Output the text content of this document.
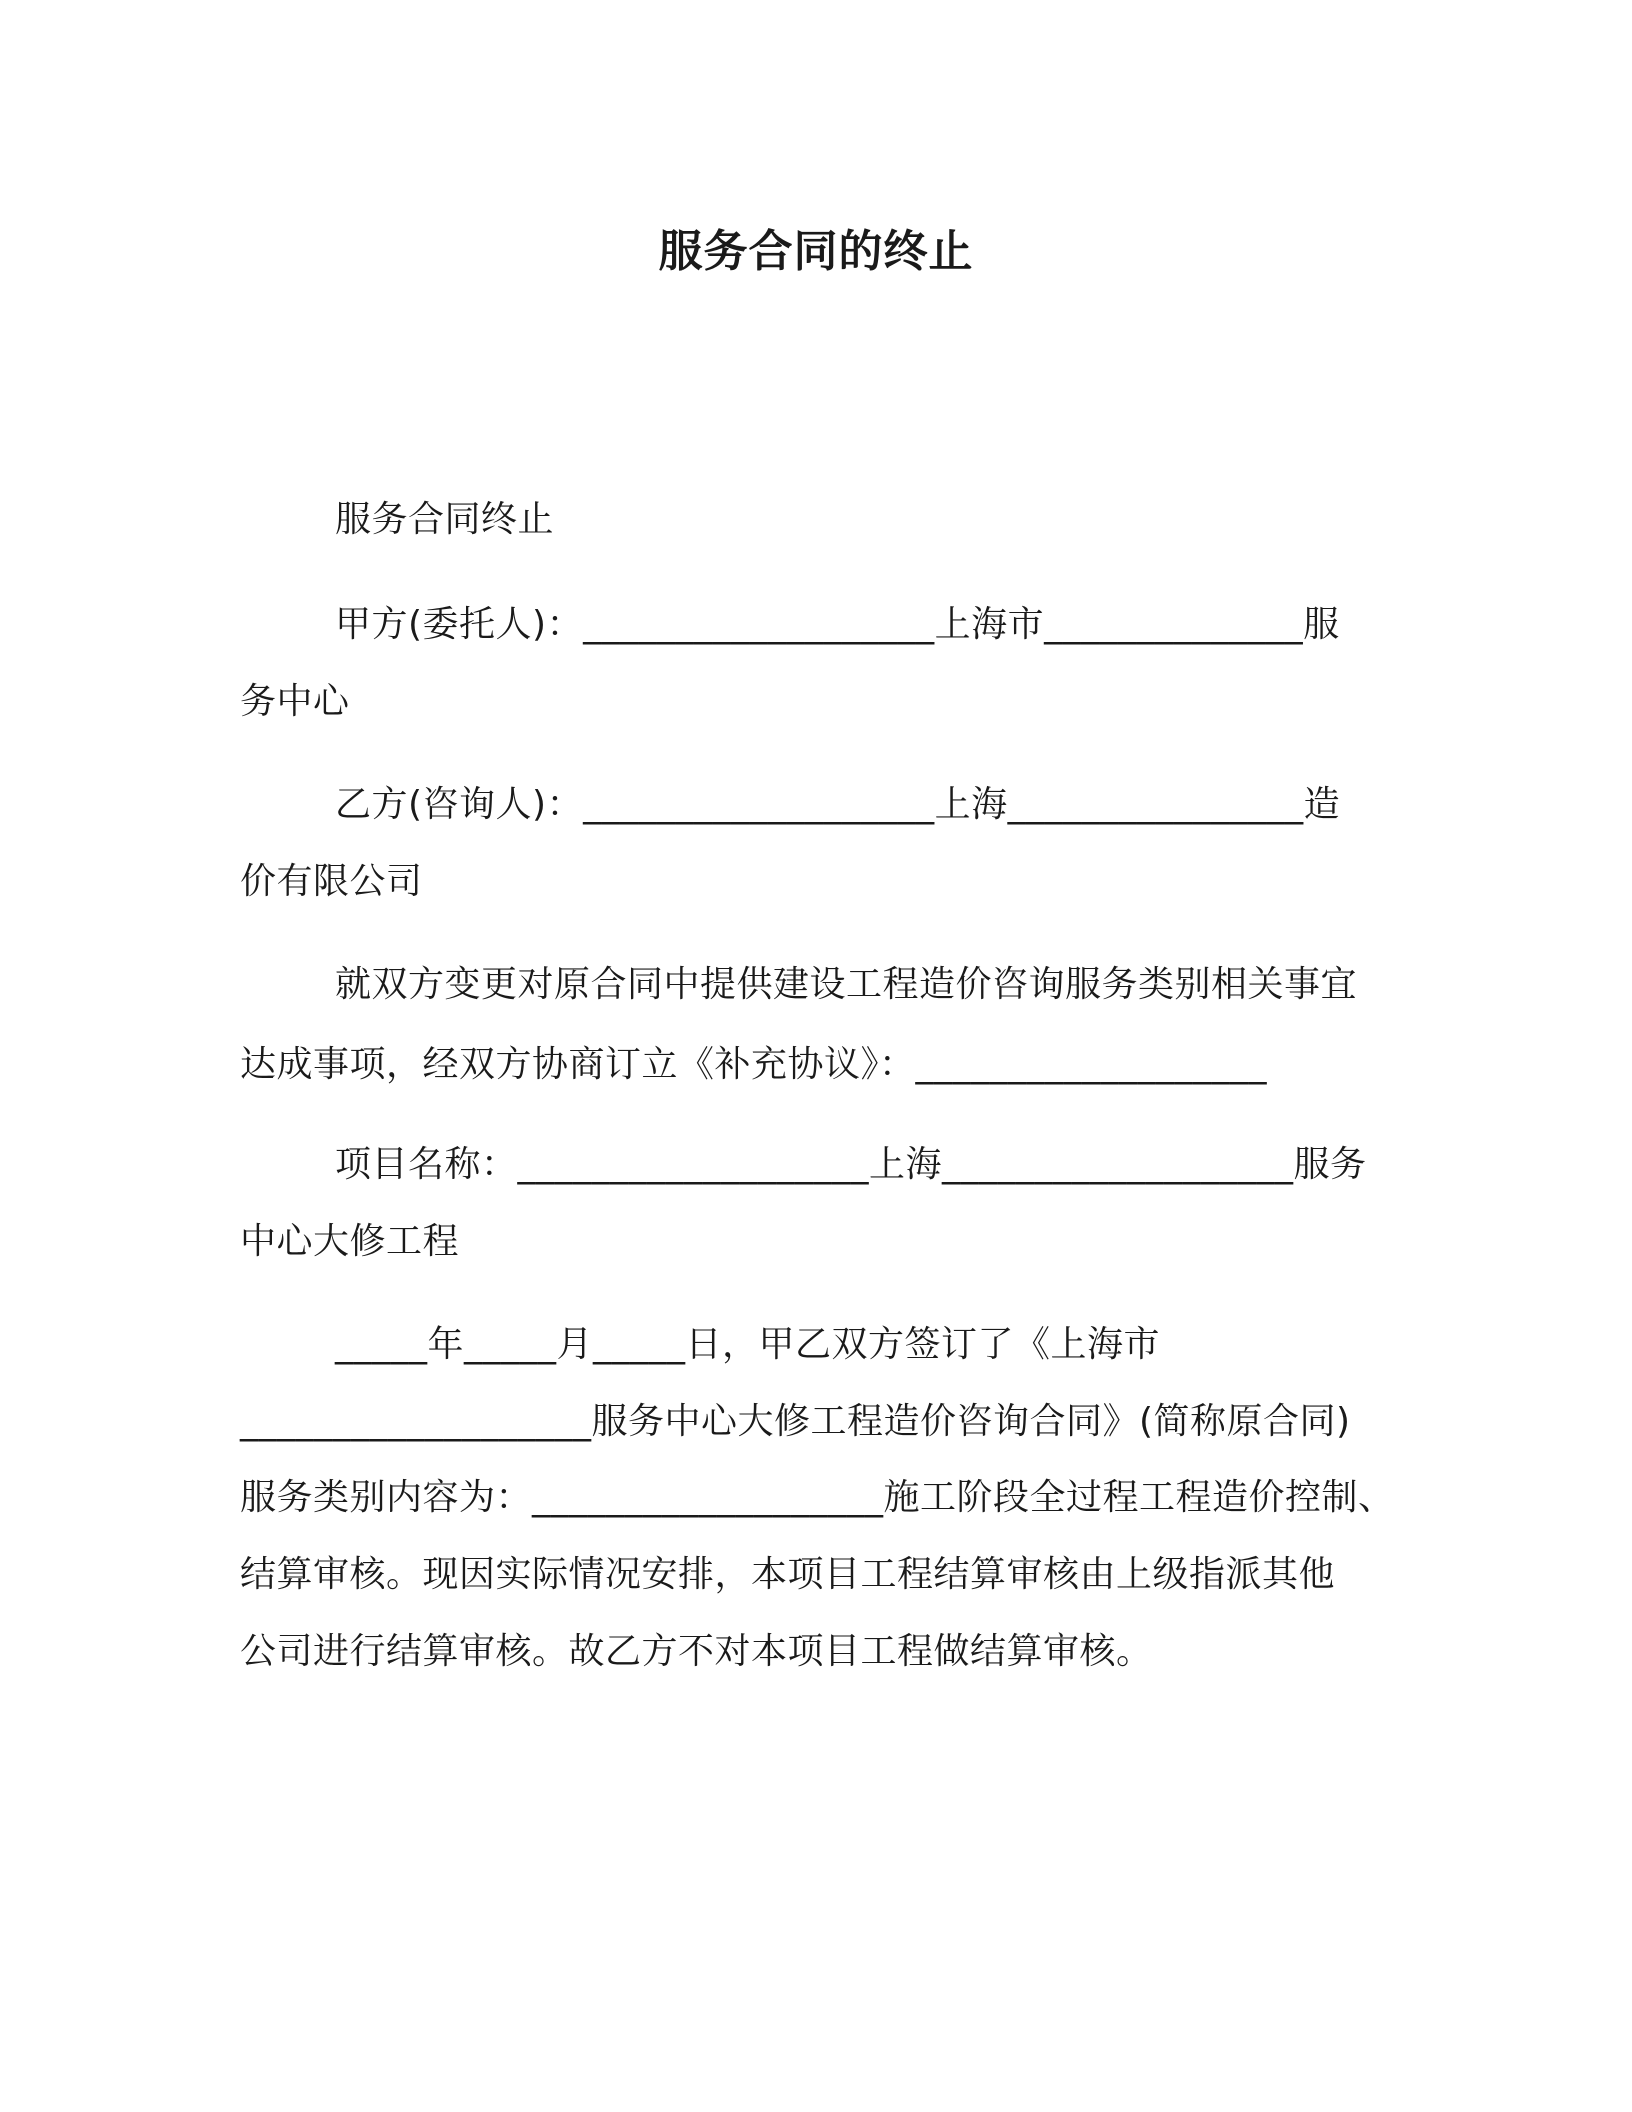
服务合同的终止
服务合同终止
甲方(委托人)：___________________上海市______________服
务中心
乙方(咨询人)：___________________上海________________造
价有限公司
就双方变更对原合同中提供建设工程造价咨询服务类别相关事宜
达成事项，经双方协商订立《补充协议》：___________________
项目名称：___________________上海___________________服务
中心大修工程
_____年_____月_____日，甲乙双方签订了《上海市
___________________服务中心大修工程造价咨询合同》(简称原合同)
服务类别内容为：___________________施工阶段全过程工程造价控制、
结算审核。现因实际情况安排，本项目工程结算审核由上级指派其他
公司进行结算审核。故乙方不对本项目工程做结算审核。
